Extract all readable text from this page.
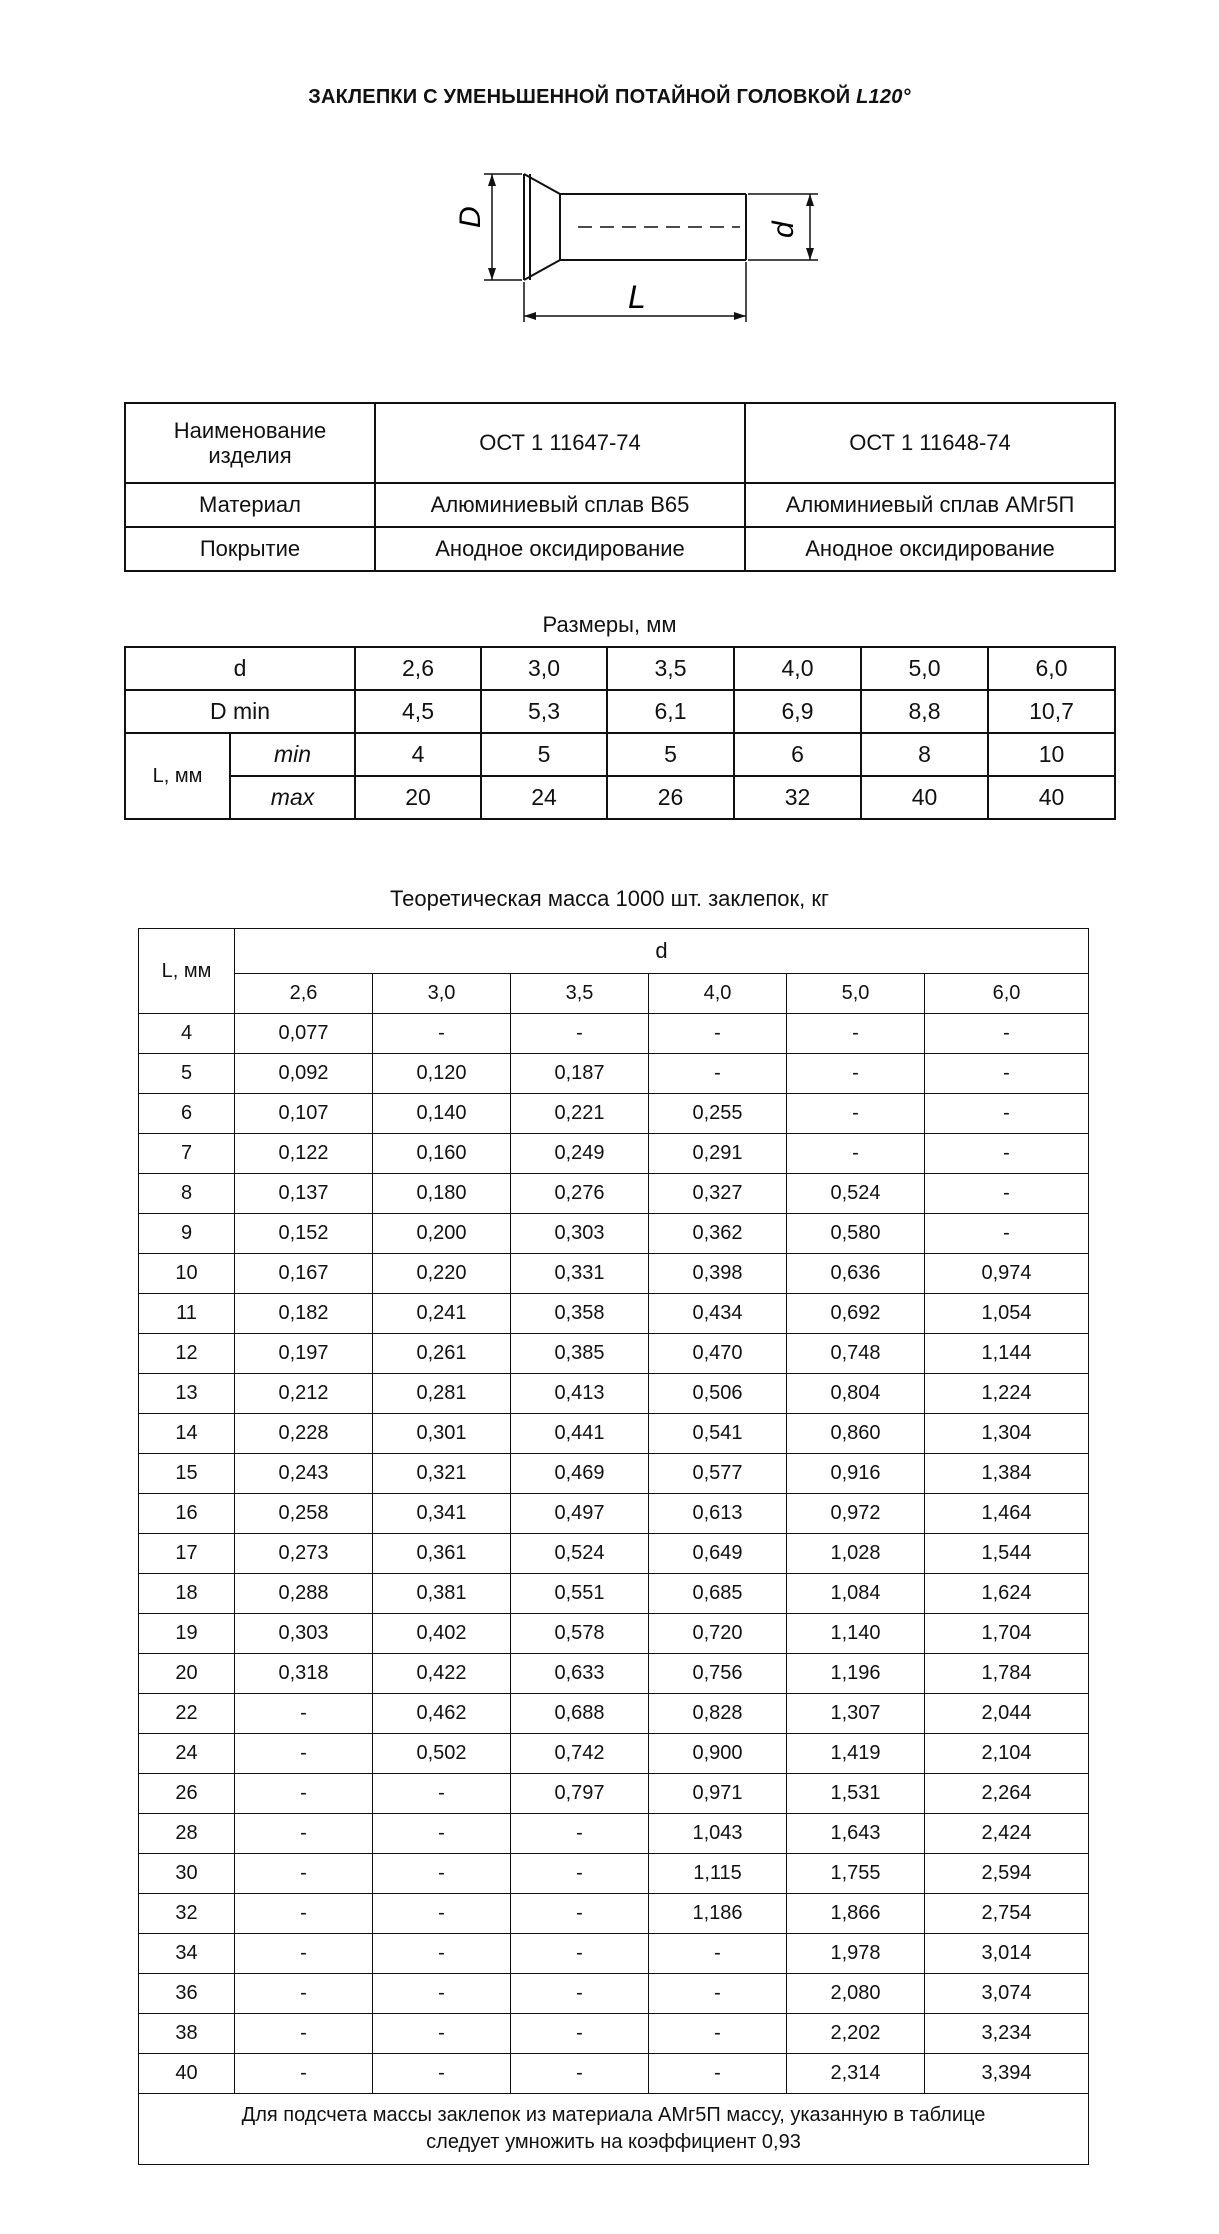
ЗАКЛЕПКИ С УМЕНЬШЕННОЙ ПОТАЙНОЙ ГОЛОВКОЙ L120°
D
d
L
Наименование изделия	ОСТ 1 11647-74	ОСТ 1 11648-74
Материал	Алюминиевый сплав В65	Алюминиевый сплав АМг5П
Покрытие	Анодное оксидирование	Анодное оксидирование
Размеры, мм
d		2,6	3,0	3,5	4,0	5,0	6,0
D min		4,5	5,3	6,1	6,9	8,8	10,7
L, мм	min	4	5	5	6	8	10
	max	20	24	26	32	40	40
Теоретическая масса 1000 шт. заклепок, кг
L, мм	d					
	2,6	3,0	3,5	4,0	5,0	6,0
4	0,077	-	-	-	-	-
5	0,092	0,120	0,187	-	-	-
6	0,107	0,140	0,221	0,255	-	-
7	0,122	0,160	0,249	0,291	-	-
8	0,137	0,180	0,276	0,327	0,524	-
9	0,152	0,200	0,303	0,362	0,580	-
10	0,167	0,220	0,331	0,398	0,636	0,974
11	0,182	0,241	0,358	0,434	0,692	1,054
12	0,197	0,261	0,385	0,470	0,748	1,144
13	0,212	0,281	0,413	0,506	0,804	1,224
14	0,228	0,301	0,441	0,541	0,860	1,304
15	0,243	0,321	0,469	0,577	0,916	1,384
16	0,258	0,341	0,497	0,613	0,972	1,464
17	0,273	0,361	0,524	0,649	1,028	1,544
18	0,288	0,381	0,551	0,685	1,084	1,624
19	0,303	0,402	0,578	0,720	1,140	1,704
20	0,318	0,422	0,633	0,756	1,196	1,784
22	-	0,462	0,688	0,828	1,307	2,044
24	-	0,502	0,742	0,900	1,419	2,104
26	-	-	0,797	0,971	1,531	2,264
28	-	-	-	1,043	1,643	2,424
30	-	-	-	1,115	1,755	2,594
32	-	-	-	1,186	1,866	2,754
34	-	-	-	-	1,978	3,014
36	-	-	-	-	2,080	3,074
38	-	-	-	-	2,202	3,234
40	-	-	-	-	2,314	3,394

Для подсчета массы заклепок из материала АМг5П массу, указанную в таблице
следует умножить на коэффициент 0,93						
